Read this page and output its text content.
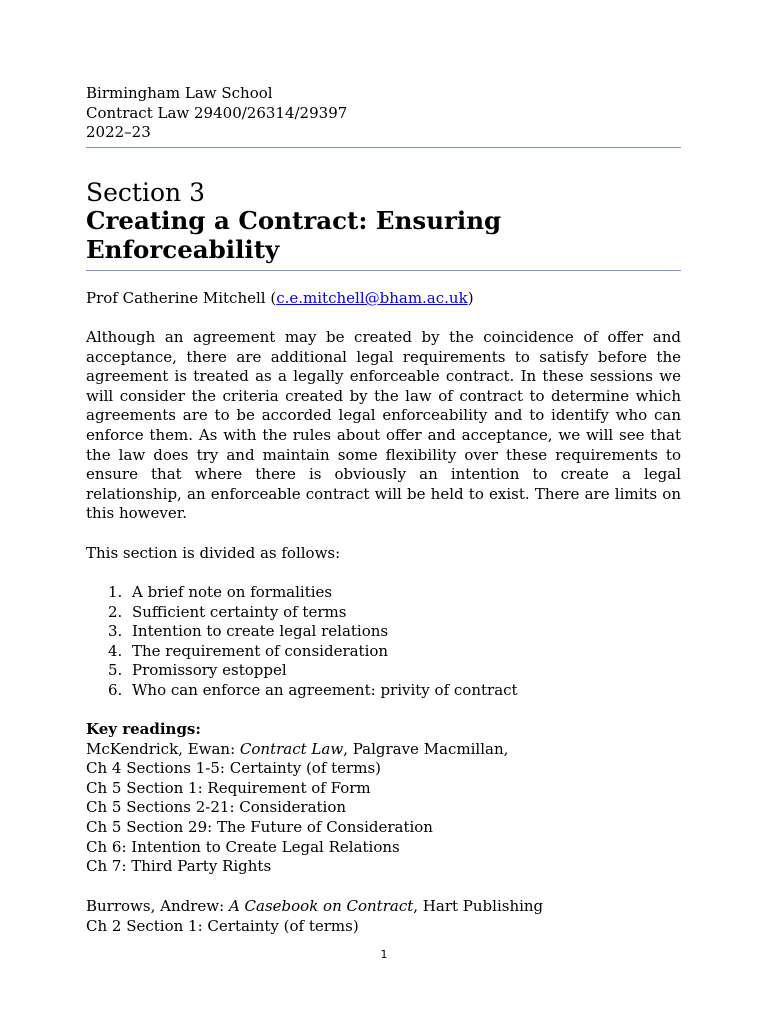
Birmingham Law School
Contract Law 29400/26314/29397
2022–23
Section 3
Creating a Contract: Ensuring
Enforceability
Prof Catherine Mitchell (c.e.mitchell@bham.ac.uk)

Although an agreement may be created by the coincidence of offer and acceptance, there are additional legal requirements to satisfy before the agreement is treated as a legally enforceable contract. In these sessions we will consider the criteria created by the law of contract to determine which agreements are to be accorded legal enforceability and to identify who can enforce them. As with the rules about offer and acceptance, we will see that the law does try and maintain some flexibility over these requirements to ensure that where there is obviously an intention to create a legal relationship, an enforceable contract will be held to exist. There are limits on this however.

This section is divided as follows:
1. A brief note on formalities
2. Sufficient certainty of terms
3. Intention to create legal relations
4. The requirement of consideration
5. Promissory estoppel
6. Who can enforce an agreement: privity of contract
Key readings:
McKendrick, Ewan: Contract Law, Palgrave Macmillan,
Ch 4 Sections 1-5: Certainty (of terms)
Ch 5 Section 1: Requirement of Form
Ch 5 Sections 2-21: Consideration
Ch 5 Section 29: The Future of Consideration
Ch 6: Intention to Create Legal Relations
Ch 7: Third Party Rights
Burrows, Andrew: A Casebook on Contract, Hart Publishing
Ch 2 Section 1: Certainty (of terms)
1
